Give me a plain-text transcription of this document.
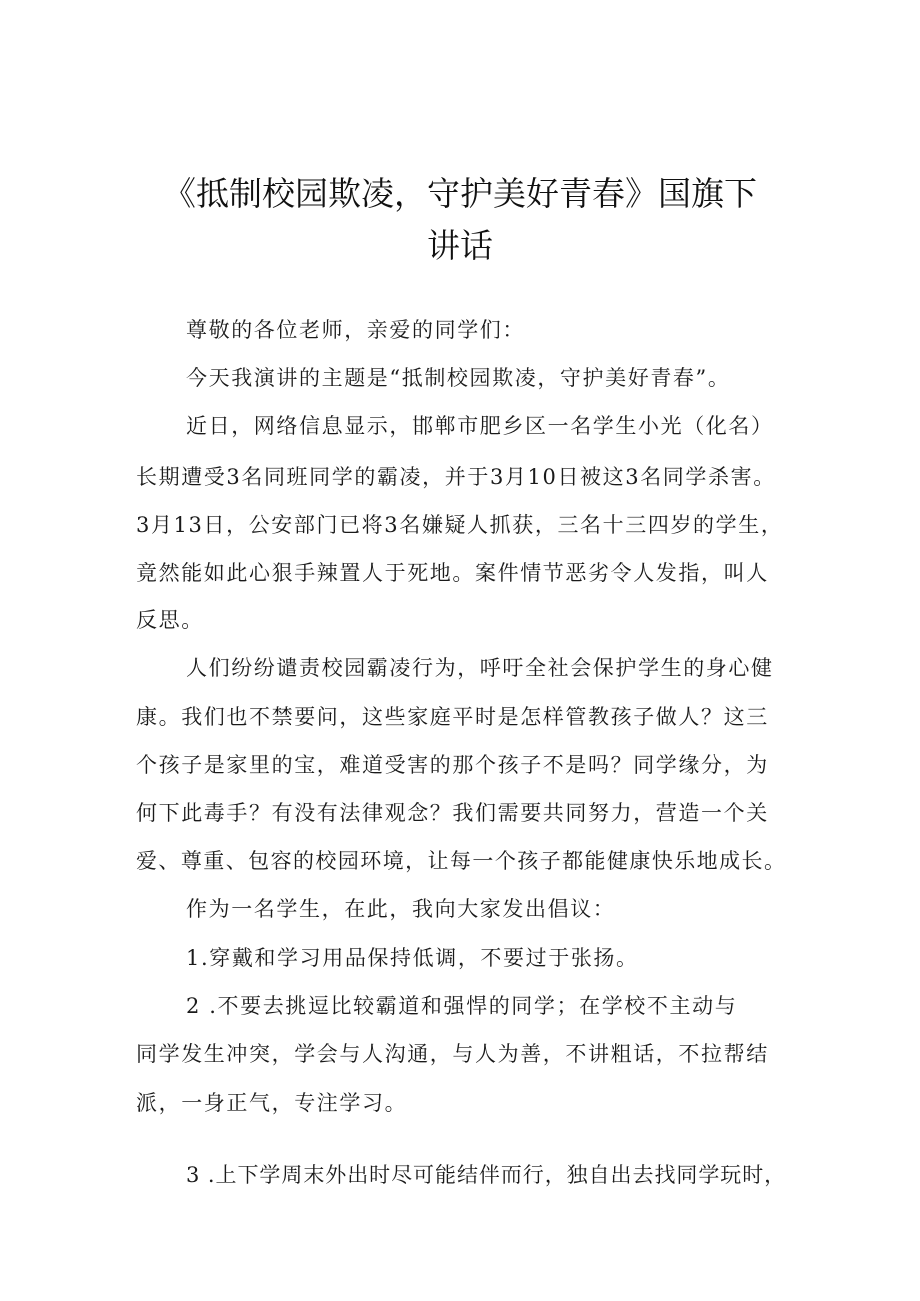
《抵制校园欺凌，守护美好青春》国旗下
讲话
尊敬的各位老师，亲爱的同学们：
今天我演讲的主题是“抵制校园欺凌，守护美好青春”。
近日，网络信息显示，邯郸市肥乡区一名学生小光（化名）
长期遭受3名同班同学的霸凌，并于3月10日被这3名同学杀害。
3月13日，公安部门已将3名嫌疑人抓获，三名十三四岁的学生，
竟然能如此心狠手辣置人于死地。案件情节恶劣令人发指，叫人
反思。
人们纷纷谴责校园霸凌行为，呼吁全社会保护学生的身心健
康。我们也不禁要问，这些家庭平时是怎样管教孩子做人？这三
个孩子是家里的宝，难道受害的那个孩子不是吗？同学缘分，为
何下此毒手？有没有法律观念？我们需要共同努力，营造一个关
爱、尊重、包容的校园环境，让每一个孩子都能健康快乐地成长。
作为一名学生，在此，我向大家发出倡议：
1.穿戴和学习用品保持低调，不要过于张扬。
2 .不要去挑逗比较霸道和强悍的同学；在学校不主动与
同学发生冲突，学会与人沟通，与人为善，不讲粗话，不拉帮结
派，一身正气，专注学习。
3 .上下学周末外出时尽可能结伴而行，独自出去找同学玩时，
